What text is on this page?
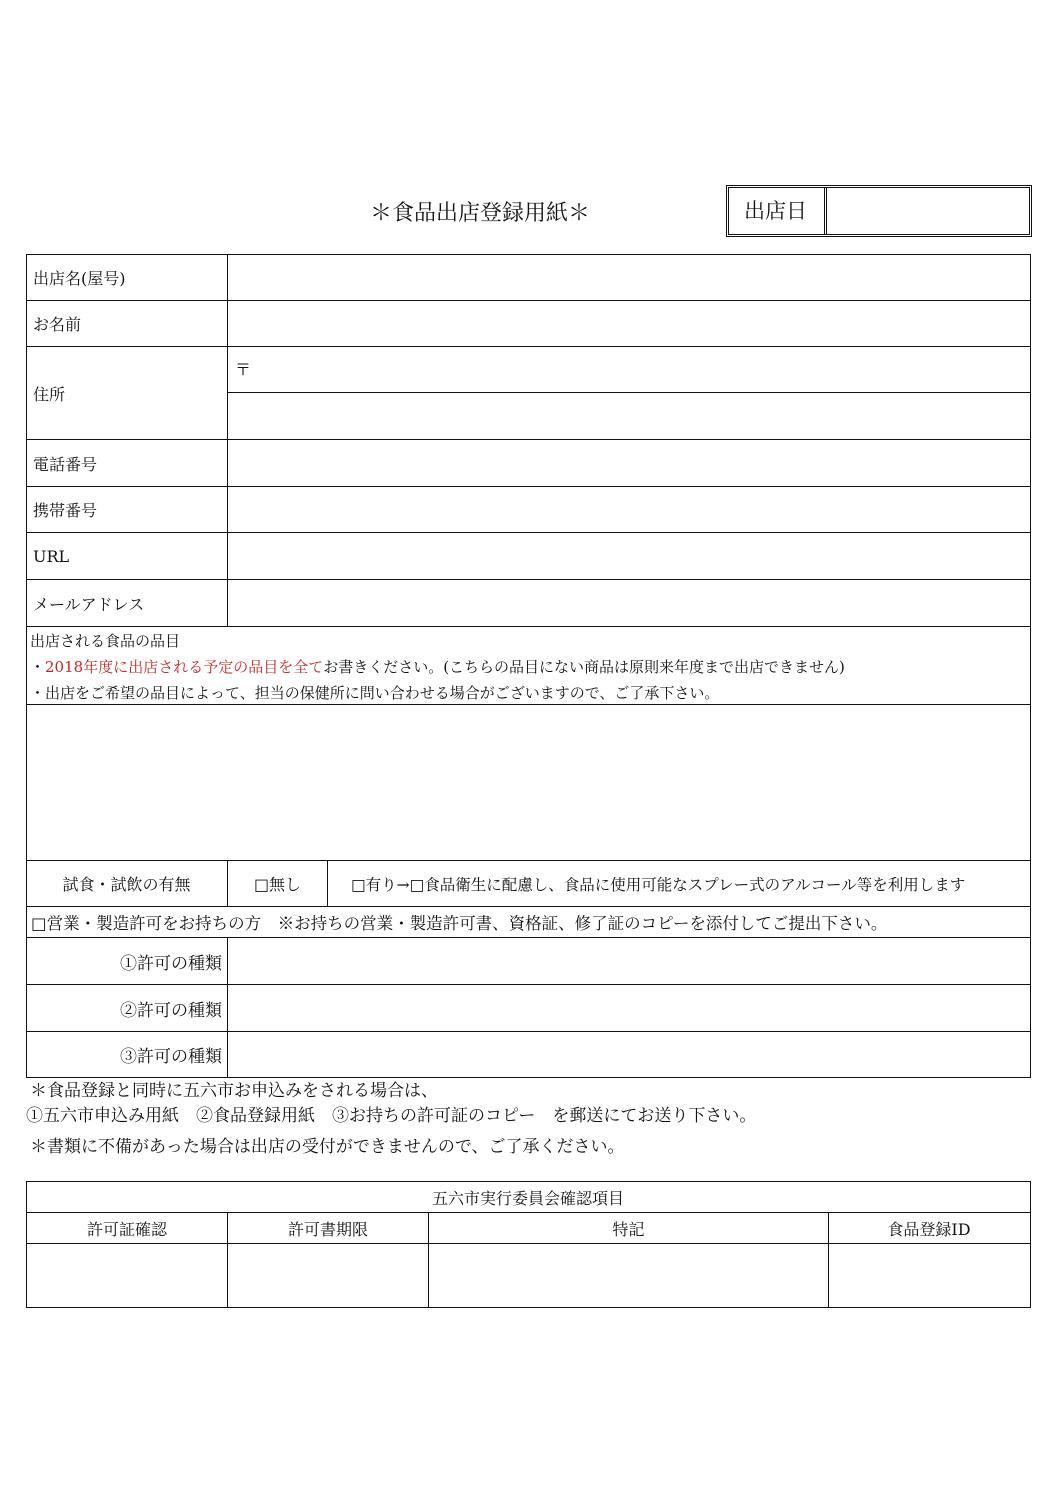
＊食品出店登録用紙＊	出店日
出店名(屋号)
お名前
住所
〒
電話番号
携帯番号
URL
メールアドレス
出店される食品の品目
・2018年度に出店される予定の品目を全てお書きください。(こちらの品目にない商品は原則来年度まで出店できません)
・出店をご希望の品目によって、担当の保健所に問い合わせる場合がございますので、ご了承下さい。
試食・試飲の有無	□無し	□有り→□食品衛生に配慮し、食品に使用可能なスプレー式のアルコール等を利用します
□営業・製造許可をお持ちの方　※お持ちの営業・製造許可書、資格証、修了証のコピーを添付してご提出下さい。
①許可の種類
②許可の種類
③許可の種類
＊食品登録と同時に五六市お申込みをされる場合は、
①五六市申込み用紙　②食品登録用紙　③お持ちの許可証のコピー　を郵送にてお送り下さい。
＊書類に不備があった場合は出店の受付ができませんので、ご了承ください。
五六市実行委員会確認項目
許可証確認	許可書期限	特記	食品登録ID
